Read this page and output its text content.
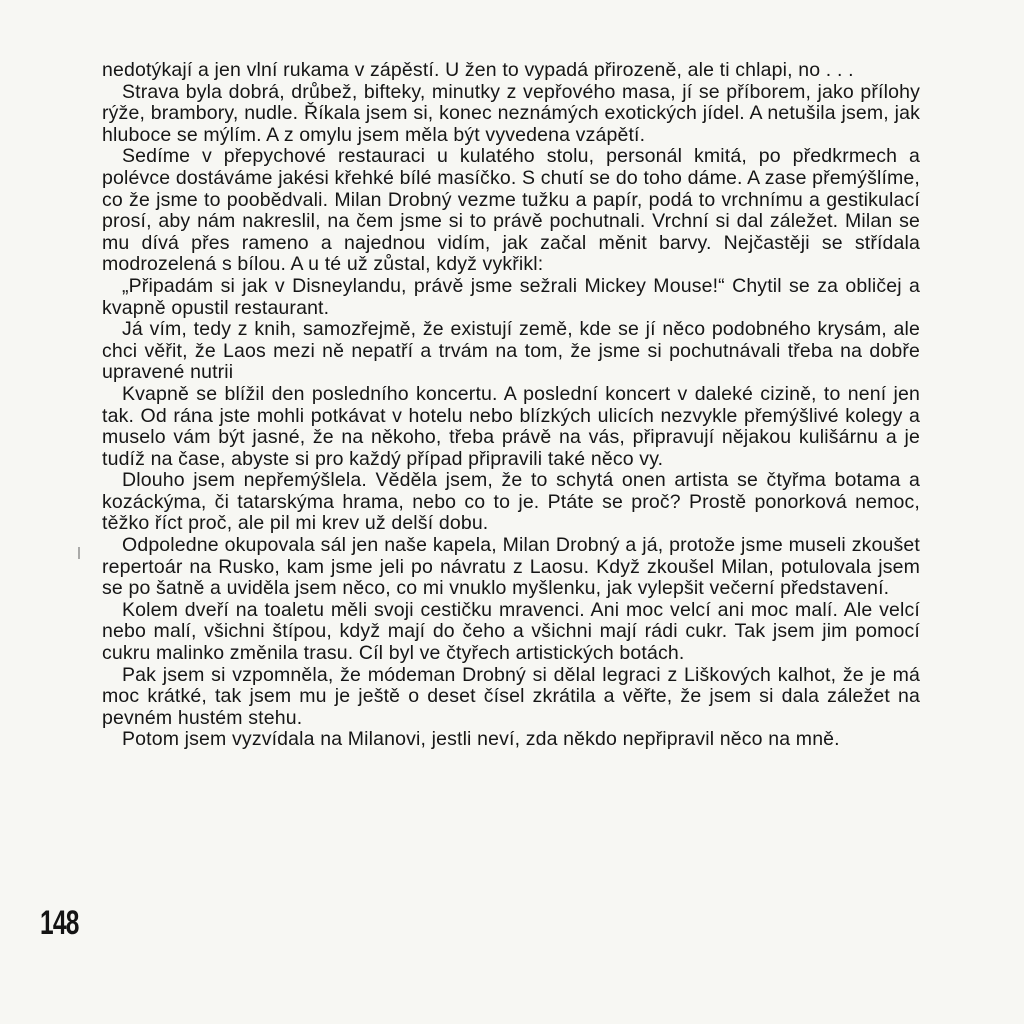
nedotýkají a jen vlní rukama v zápěstí. U žen to vypadá přirozeně, ale ti chlapi, no . . .

Strava byla dobrá, drůbež, bifteky, minutky z vepřového masa, jí se příborem, jako přílohy rýže, brambory, nudle. Říkala jsem si, konec neznámých exotických jídel. A netušila jsem, jak hluboce se mýlím. A z omylu jsem měla být vyvedena vzápětí.

Sedíme v přepychové restauraci u kulatého stolu, personál kmitá, po předkrmech a polévce dostáváme jakési křehké bílé masíčko. S chutí se do toho dáme. A zase přemýšlíme, co že jsme to poobědvali. Milan Drobný vezme tužku a papír, podá to vrchnímu a gestikulací prosí, aby nám nakreslil, na čem jsme si to právě pochutnali. Vrchní si dal záležet. Milan se mu dívá přes rameno a najednou vidím, jak začal měnit barvy. Nejčastěji se střídala modrozelená s bílou. A u té už zůstal, když vykřikl:

„Připadám si jak v Disneylandu, právě jsme sežrali Mickey Mouse!“ Chytil se za obličej a kvapně opustil restaurant.

Já vím, tedy z knih, samozřejmě, že existují země, kde se jí něco podobného krysám, ale chci věřit, že Laos mezi ně nepatří a trvám na tom, že jsme si pochutnávali třeba na dobře upravené nutrii

Kvapně se blížil den posledního koncertu. A poslední koncert v daleké cizině, to není jen tak. Od rána jste mohli potkávat v hotelu nebo blízkých ulicích nezvykle přemýšlivé kolegy a muselo vám být jasné, že na někoho, třeba právě na vás, připravují nějakou kulišárnu a je tudíž na čase, abyste si pro každý případ připravili také něco vy.

Dlouho jsem nepřemýšlela. Věděla jsem, že to schytá onen artista se čtyřma botama a kozáckýma, či tatarskýma hrama, nebo co to je. Ptáte se proč? Prostě ponorková nemoc, těžko říct proč, ale pil mi krev už delší dobu.

Odpoledne okupovala sál jen naše kapela, Milan Drobný a já, protože jsme museli zkoušet repertoár na Rusko, kam jsme jeli po návratu z Laosu. Když zkoušel Milan, potulovala jsem se po šatně a uviděla jsem něco, co mi vnuklo myšlenku, jak vylepšit večerní představení.

Kolem dveří na toaletu měli svoji cestičku mravenci. Ani moc velcí ani moc malí. Ale velcí nebo malí, všichni štípou, když mají do čeho a všichni mají rádi cukr. Tak jsem jim pomocí cukru malinko změnila trasu. Cíl byl ve čtyřech artistických botách.

Pak jsem si vzpomněla, že módeman Drobný si dělal legraci z Liškových kalhot, že je má moc krátké, tak jsem mu je ještě o deset čísel zkrátila a věřte, že jsem si dala záležet na pevném hustém stehu.

Potom jsem vyzvídala na Milanovi, jestli neví, zda někdo nepřipravil něco na mně.

148
